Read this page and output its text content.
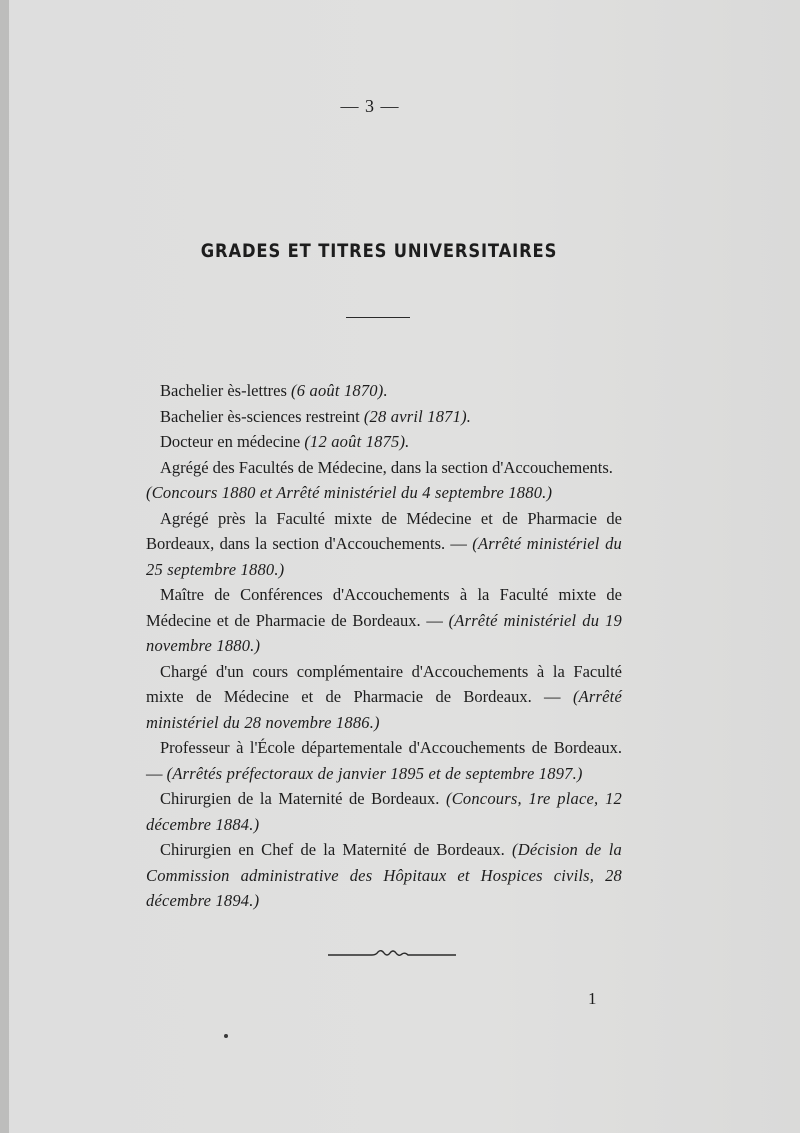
— 3 —
GRADES ET TITRES UNIVERSITAIRES

Bachelier ès-lettres (6 août 1870).

Bachelier ès-sciences restreint (28 avril 1871).

Docteur en médecine (12 août 1875).

Agrégé des Facultés de Médecine, dans la section d'Accouchements.

(Concours 1880 et Arrêté ministériel du 4 septembre 1880.)

Agrégé près la Faculté mixte de Médecine et de Pharmacie de Bordeaux, dans la section d'Accouchements. — (Arrêté ministériel du 25 septembre 1880.)

Maître de Conférences d'Accouchements à la Faculté mixte de Médecine et de Pharmacie de Bordeaux. — (Arrêté ministériel du 19 novembre 1880.)

Chargé d'un cours complémentaire d'Accouchements à la Faculté mixte de Médecine et de Pharmacie de Bordeaux. — (Arrêté ministériel du 28 novembre 1886.)

Professeur à l'École départementale d'Accouchements de Bordeaux. — (Arrêtés préfectoraux de janvier 1895 et de septembre 1897.)

Chirurgien de la Maternité de Bordeaux. (Concours, 1re place, 12 décembre 1884.)

Chirurgien en Chef de la Maternité de Bordeaux. (Décision de la Commission administrative des Hôpitaux et Hospices civils, 28 décembre 1894.)

1
